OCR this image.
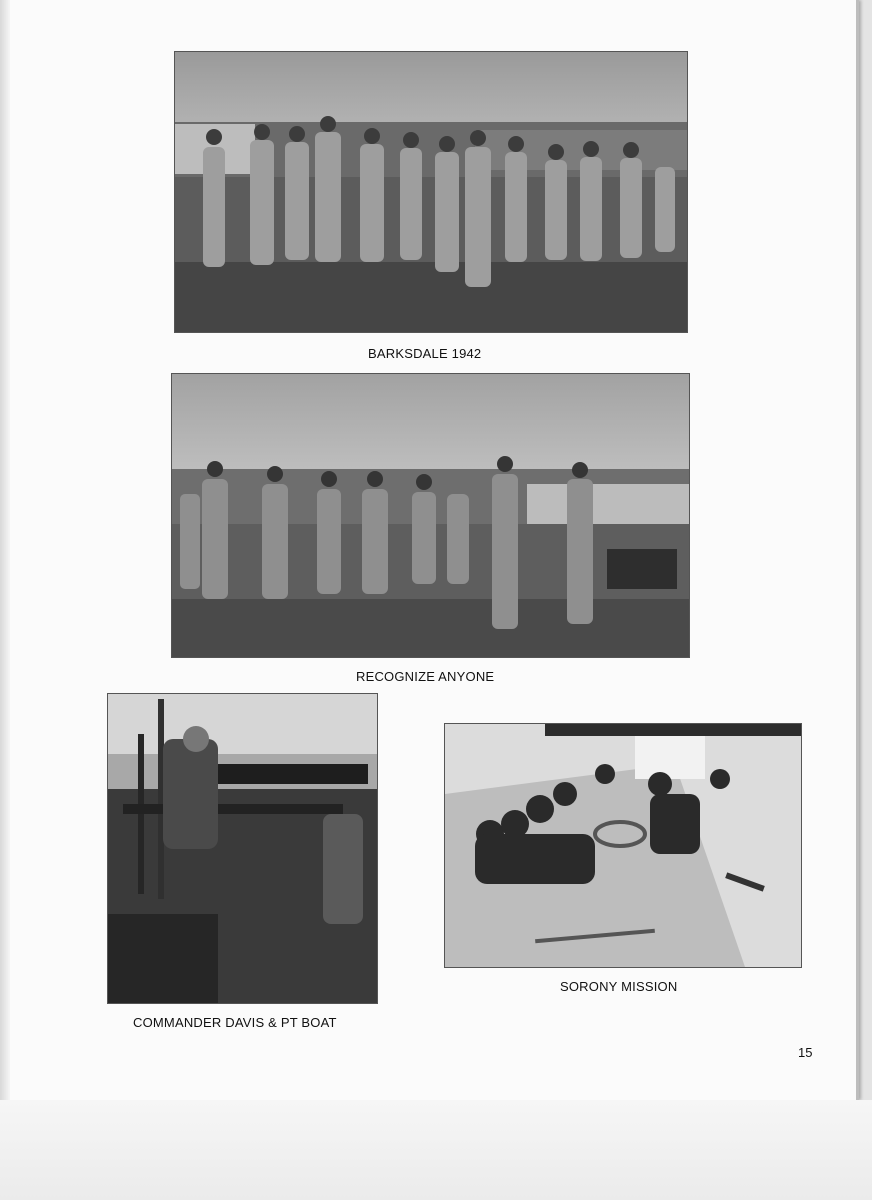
BARKSDALE 1942
RECOGNIZE ANYONE
COMMANDER DAVIS & PT BOAT
SORONY MISSION
15
